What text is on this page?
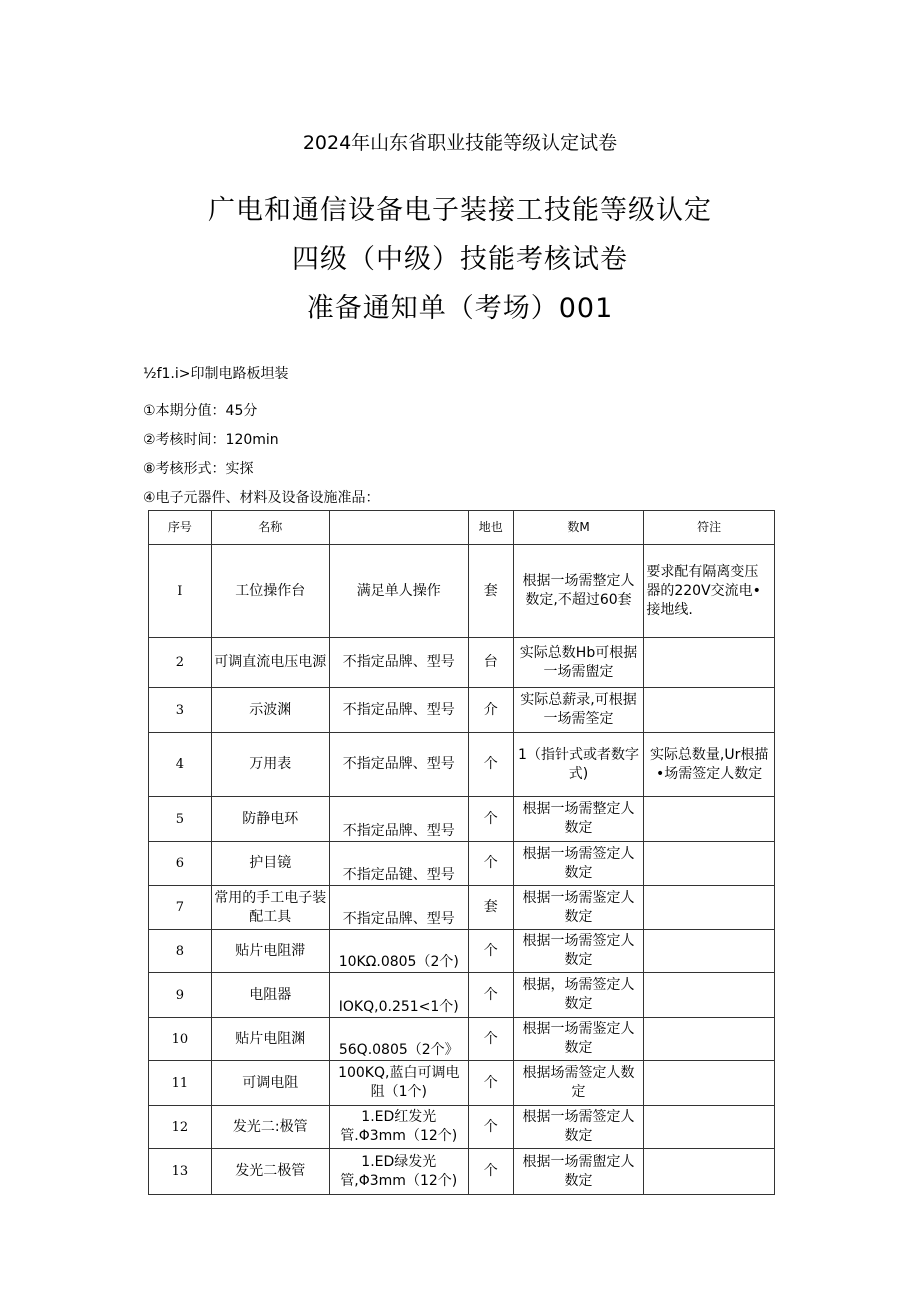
2024年山东省职业技能等级认定试卷
广电和通信设备电子装接工技能等级认定
四级（中级）技能考核试卷
准备通知单（考场）001
½f1.i>印制电路板坦装
①本期分值：45分
②考核时间：120min
⑧考核形式：实探
④电子元器件、材料及设备设施准品：
序号	名称		地也	数M	符注
I	工位操作台	满足单人操作	套	根据一场需整定人数定,不超过60套	要求配有隔离变压器的220V交流电•接地线.
2	可调直流电压电源	不指定品牌、型号	台	实际总数Hb可根据一场需盥定	
3	示波渊	不指定品牌、型号	介	实际总薪录,可根据一场需筌定	
4	万用表	不指定品牌、型号	个	1（指针式或者数字式)	实际总数量,Ur根描•场需签定人数定
5	防静电环	不指定品牌、型号	个	根据一场需整定人数定	
6	护目镜	不指定品键、型号	个	根据一场需签定人数定	
7	常用的手工电子装配工具	不指定品牌、型号	套	根据一场需鉴定人数定	
8	贴片电阻滞	10KΩ.0805（2个)	个	根据一场需签定人数定	
9	电阻器	IOKQ,0.251<1个)	个	根据，场需签定人数定	
10	贴片电阻渊	56Q.0805（2个》	个	根据一场需鉴定人数定	
11	可调电阻	100KQ,蓝白可调电阻（1个)	个	根据场需签定人数定	
12	发光二:极管	1.ED红发光管.Φ3mm（12个)	个	根据一场需签定人数定	
13	发光二极管	1.ED绿发光管,Φ3mm（12个)	个	根据一场需盥定人数定	
